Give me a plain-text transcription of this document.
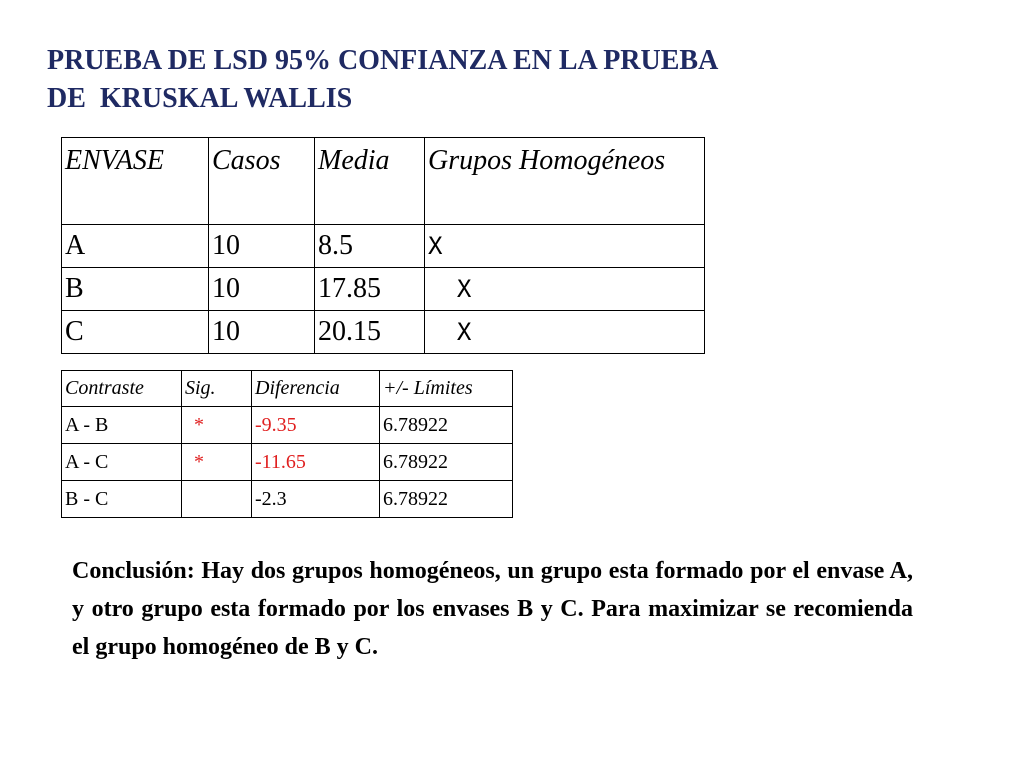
PRUEBA DE LSD 95% CONFIANZA EN LA PRUEBA
DE  KRUSKAL WALLIS
ENVASE	Casos	Media	Grupos Homogéneos
A	10	8.5	X
B	10	17.85	X
C	10	20.15	X
Contraste	Sig.	Diferencia	+/- Límites
A - B	*	-9.35	6.78922
A - C	*	-11.65	6.78922
B - C		-2.3	6.78922

Conclusión: Hay dos grupos homogéneos, un grupo esta formado por el envase A, y otro grupo esta formado por los envases B y C. Para maximizar se recomienda el grupo homogéneo de B y C.
